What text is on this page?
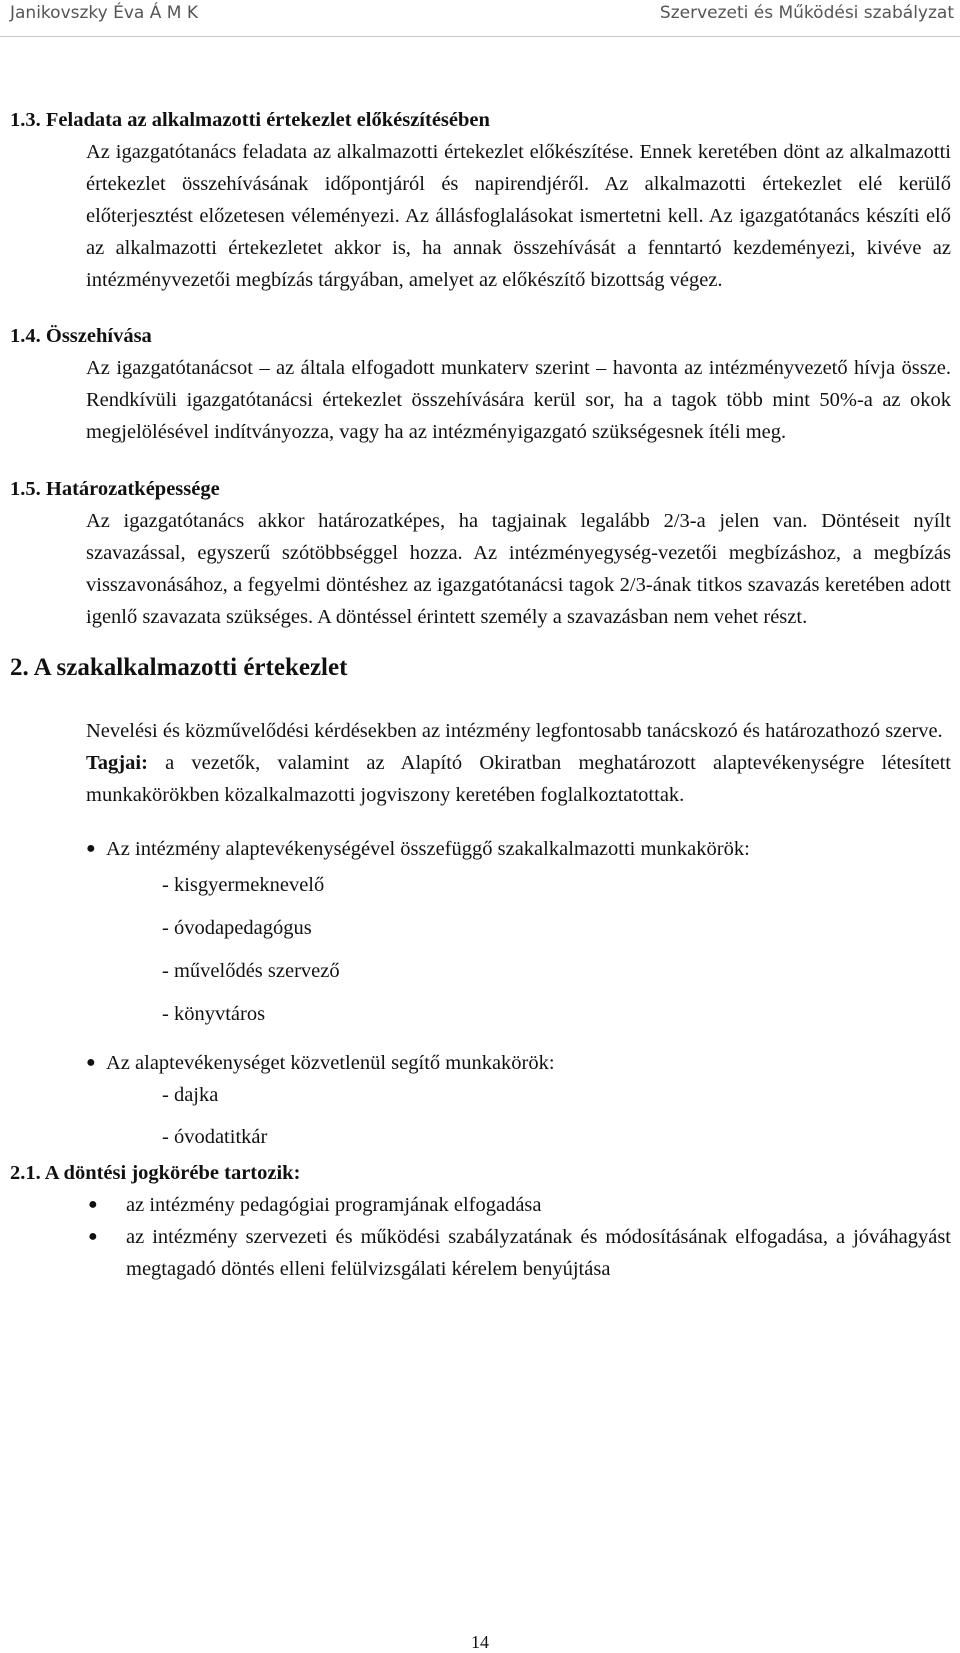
Janikovszky Éva Á M K	Szervezeti és Működési szabályzat
1.3. Feladata az alkalmazotti értekezlet előkészítésében
Az igazgatótanács feladata az alkalmazotti értekezlet előkészítése. Ennek keretében dönt az alkalmazotti értekezlet összehívásának időpontjáról és napirendjéről. Az alkalmazotti értekezlet elé kerülő előterjesztést előzetesen véleményezi. Az állásfoglalásokat ismertetni kell. Az igazgatótanács készíti elő az alkalmazotti értekezletet akkor is, ha annak összehívását a fenntartó kezdeményezi, kivéve az intézményvezetői megbízás tárgyában, amelyet az előkészítő bizottság végez.
1.4. Összehívása
Az igazgatótanácsot – az általa elfogadott munkaterv szerint – havonta az intézményvezető hívja össze. Rendkívüli igazgatótanácsi értekezlet összehívására kerül sor, ha a tagok több mint 50%-a az okok megjelölésével indítványozza, vagy ha az intézményigazgató szükségesnek ítéli meg.
1.5. Határozatképessége
Az igazgatótanács akkor határozatképes, ha tagjainak legalább 2/3-a jelen van. Döntéseit nyílt szavazással, egyszerű szótöbbséggel hozza. Az intézményegység-vezetői megbízáshoz, a megbízás visszavonásához, a fegyelmi döntéshez az igazgatótanácsi tagok 2/3-ának titkos szavazás keretében adott igenlő szavazata szükséges. A döntéssel érintett személy a szavazásban nem vehet részt.
2. A szakalkalmazotti értekezlet
Nevelési és közművelődési kérdésekben az intézmény legfontosabb tanácskozó és határozathozó szerve.
Tagjai: a vezetők, valamint az Alapító Okiratban meghatározott alaptevékenységre létesített munkakörökben közalkalmazotti jogviszony keretében foglalkoztatottak.
● Az intézmény alaptevékenységével összefüggő szakalkalmazotti munkakörök:
- kisgyermeknevelő
- óvodapedagógus
- művelődés szervező
- könyvtáros
● Az alaptevékenységet közvetlenül segítő munkakörök:
- dajka
- óvodatitkár
2.1. A döntési jogkörébe tartozik:
● az intézmény pedagógiai programjának elfogadása
● az intézmény szervezeti és működési szabályzatának és módosításának elfogadása, a jóváhagyást megtagadó döntés elleni felülvizsgálati kérelem benyújtása
14
